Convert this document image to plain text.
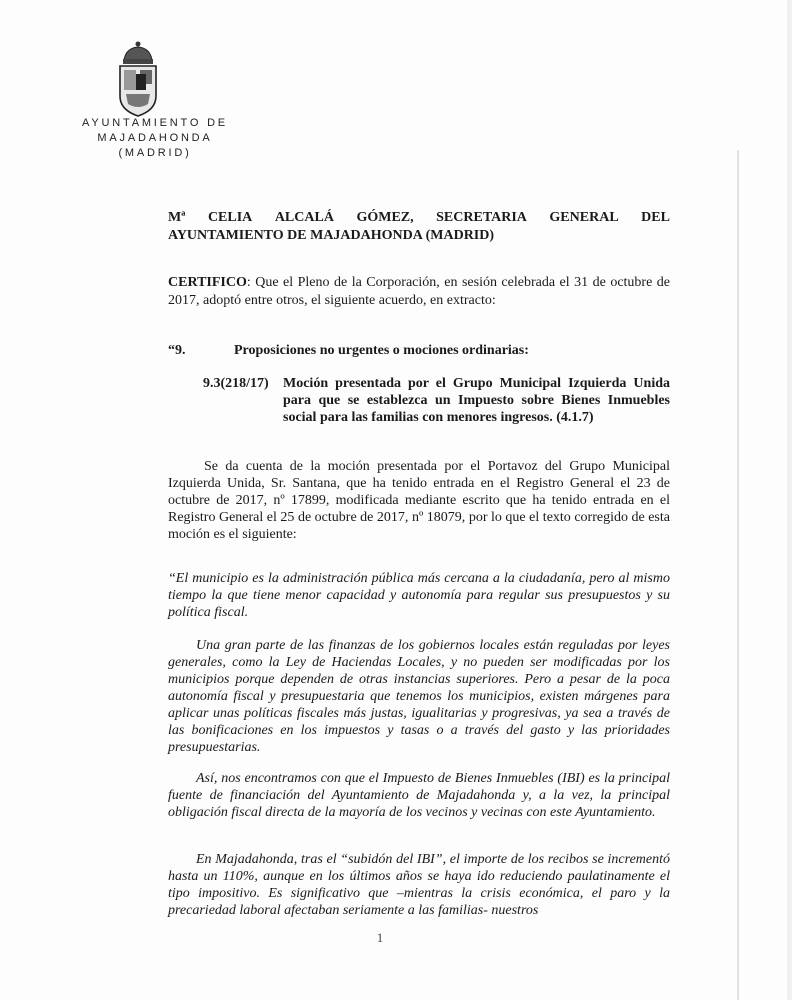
AYUNTAMIENTO DE
MAJADAHONDA
(MADRID)
Mª CELIA ALCALÁ GÓMEZ, SECRETARIA GENERAL DEL
AYUNTAMIENTO DE MAJADAHONDA (MADRID)
CERTIFICO: Que el Pleno de la Corporación, en sesión celebrada el 31 de octubre de 2017, adoptó entre otros, el siguiente acuerdo, en extracto:
“9.	Proposiciones no urgentes o mociones ordinarias:
9.3(218/17) Moción presentada por el Grupo Municipal Izquierda Unida para que se establezca un Impuesto sobre Bienes Inmuebles social para las familias con menores ingresos. (4.1.7)
Se da cuenta de la moción presentada por el Portavoz del Grupo Municipal Izquierda Unida, Sr. Santana, que ha tenido entrada en el Registro General el 23 de octubre de 2017, nº 17899, modificada mediante escrito que ha tenido entrada en el Registro General el 25 de octubre de 2017, nº 18079, por lo que el texto corregido de esta moción es el siguiente:
“El municipio es la administración pública más cercana a la ciudadanía, pero al mismo tiempo la que tiene menor capacidad y autonomía para regular sus presupuestos y su política fiscal.
Una gran parte de las finanzas de los gobiernos locales están reguladas por leyes generales, como la Ley de Haciendas Locales, y no pueden ser modificadas por los municipios porque dependen de otras instancias superiores. Pero a pesar de la poca autonomía fiscal y presupuestaria que tenemos los municipios, existen márgenes para aplicar unas políticas fiscales más justas, igualitarias y progresivas, ya sea a través de las bonificaciones en los impuestos y tasas o a través del gasto y las prioridades presupuestarias.
Así, nos encontramos con que el Impuesto de Bienes Inmuebles (IBI) es la principal fuente de financiación del Ayuntamiento de Majadahonda y, a la vez, la principal obligación fiscal directa de la mayoría de los vecinos y vecinas con este Ayuntamiento.
En Majadahonda, tras el “subidón del IBI”, el importe de los recibos se incrementó hasta un 110%, aunque en los últimos años se haya ido reduciendo paulatinamente el tipo impositivo. Es significativo que –mientras la crisis económica, el paro y la precariedad laboral afectaban seriamente a las familias- nuestros
1
